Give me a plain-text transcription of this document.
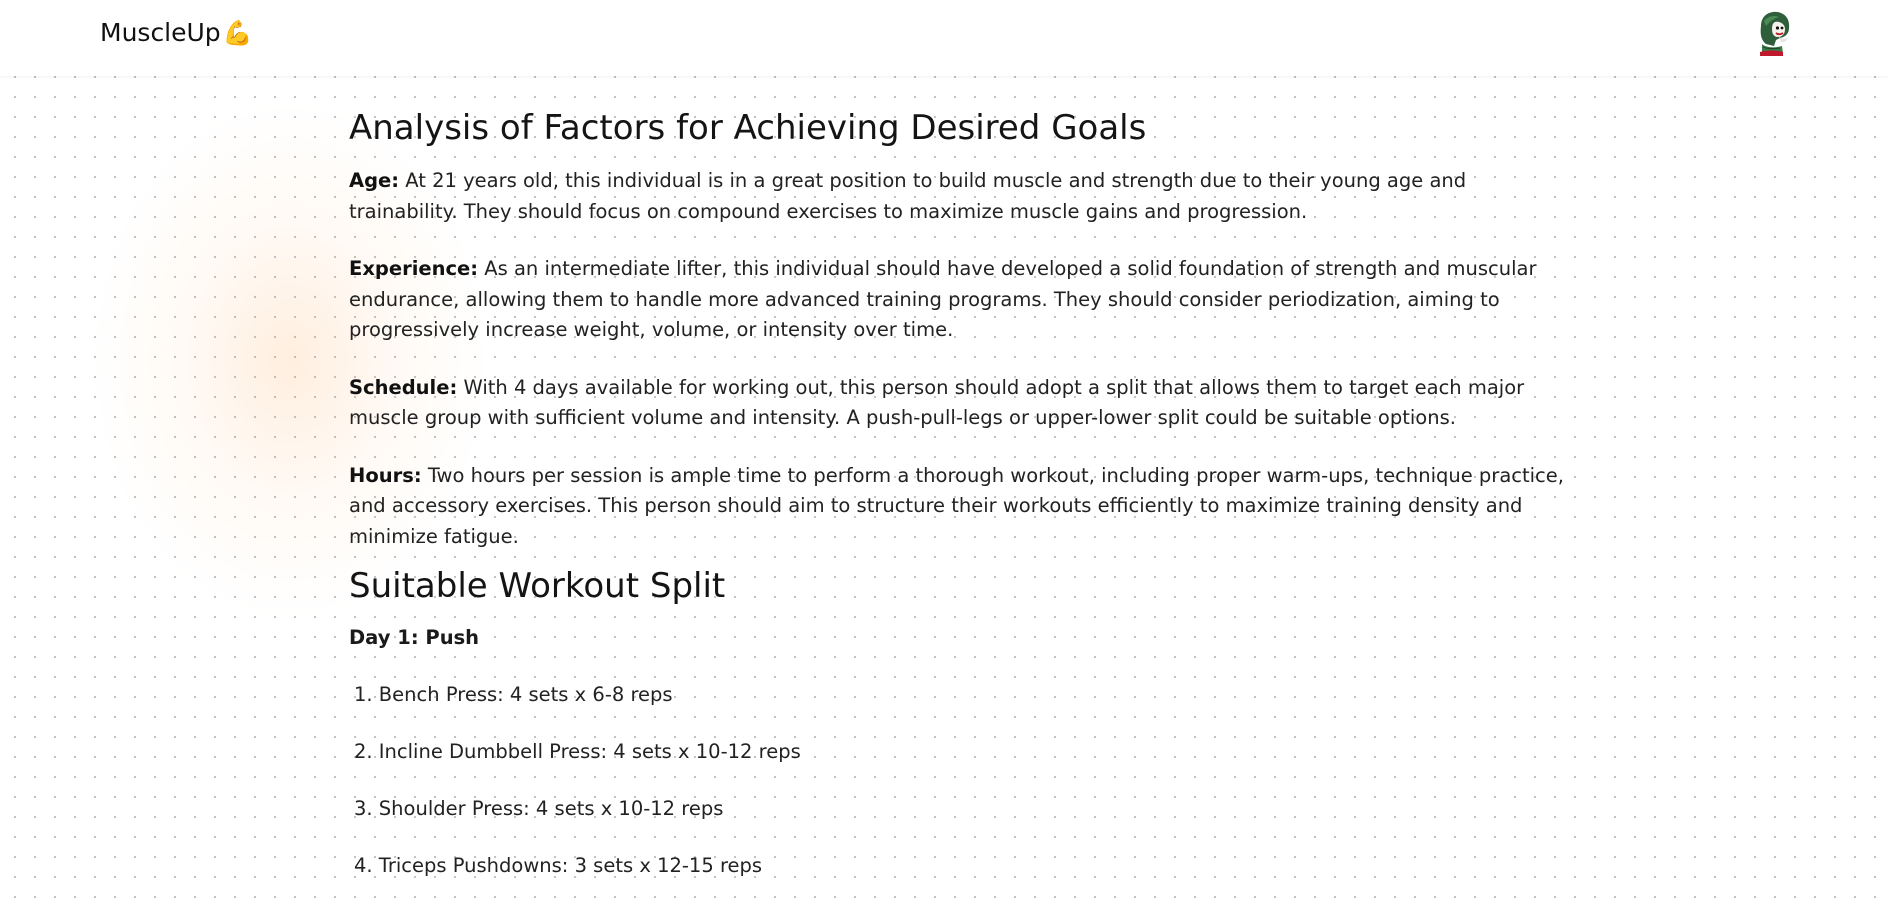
MuscleUp 💪
Analysis of Factors for Achieving Desired Goals

Age: At 21 years old, this individual is in a great position to build muscle and strength due to their young age and trainability. They should focus on compound exercises to maximize muscle gains and progression.

Experience: As an intermediate lifter, this individual should have developed a solid foundation of strength and muscular endurance, allowing them to handle more advanced training programs. They should consider periodization, aiming to progressively increase weight, volume, or intensity over time.

Schedule: With 4 days available for working out, this person should adopt a split that allows them to target each major muscle group with sufficient volume and intensity. A push-pull-legs or upper-lower split could be suitable options.

Hours: Two hours per session is ample time to perform a thorough workout, including proper warm-ups, technique practice, and accessory exercises. This person should aim to structure their workouts efficiently to maximize training density and minimize fatigue.

Suitable Workout Split
Day 1: Push
1. Bench Press: 4 sets x 6-8 reps
2. Incline Dumbbell Press: 4 sets x 10-12 reps
3. Shoulder Press: 4 sets x 10-12 reps
4. Triceps Pushdowns: 3 sets x 12-15 reps
